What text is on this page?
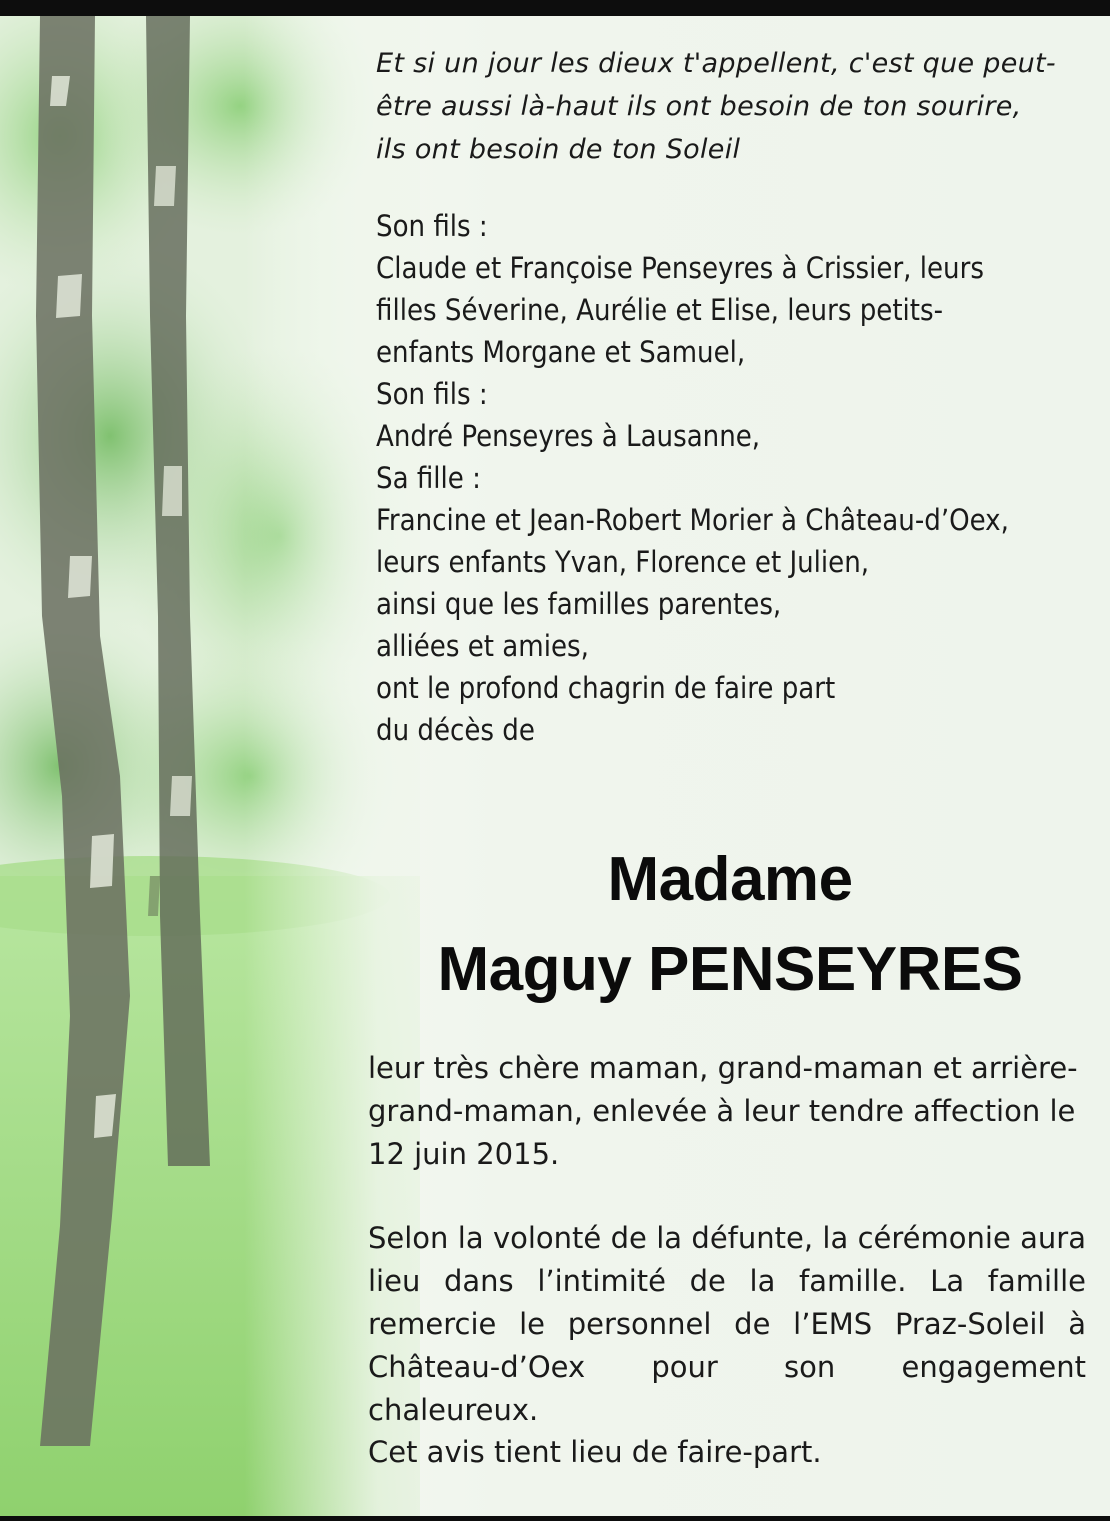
Et si un jour les dieux t'appellent, c'est que peut-
être aussi là-haut ils ont besoin de ton sourire,
ils ont besoin de ton Soleil
Son fils :
Claude et Françoise Penseyres à Crissier, leurs
filles Séverine, Aurélie et Elise, leurs petits-
enfants Morgane et Samuel,
Son fils :
André Penseyres à Lausanne,
Sa fille :
Francine et Jean-Robert Morier à Château-d’Oex,
leurs enfants Yvan, Florence et Julien,
ainsi que les familles parentes,
alliées et amies,
ont le profond chagrin de faire part
du décès de
Madame
Maguy PENSEYRES

leur très chère maman, grand-maman et arrière-grand-maman, enlevée à leur tendre affection le 12 juin 2015.

Selon la volonté de la défunte, la cérémonie aura lieu dans l’intimité de la famille. La famille remercie le personnel de l’EMS Praz-Soleil à Château-d’Oex pour son engagement chaleureux.

Cet avis tient lieu de faire-part.
